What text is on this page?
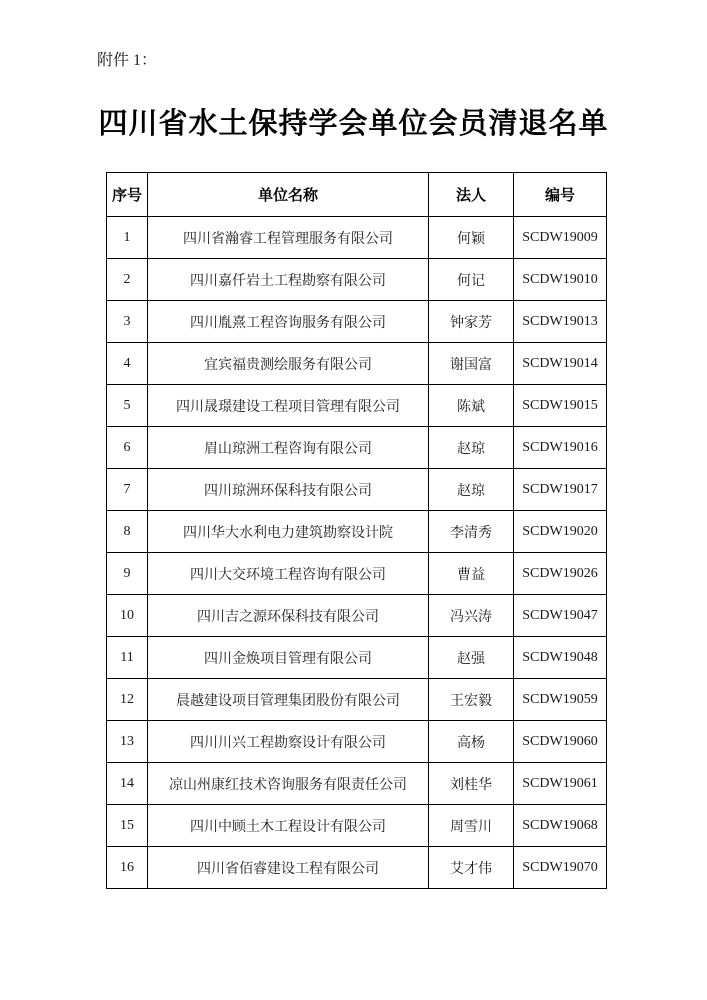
附件 1：
四川省水土保持学会单位会员清退名单
序号	单位名称	法人	编号
1	四川省瀚睿工程管理服务有限公司	何颖	SCDW19009
2	四川嘉仟岩土工程勘察有限公司	何记	SCDW19010
3	四川胤熹工程咨询服务有限公司	钟家芳	SCDW19013
4	宜宾福贵测绘服务有限公司	谢国富	SCDW19014
5	四川晟璟建设工程项目管理有限公司	陈斌	SCDW19015
6	眉山琼洲工程咨询有限公司	赵琼	SCDW19016
7	四川琼洲环保科技有限公司	赵琼	SCDW19017
8	四川华大水利电力建筑勘察设计院	李清秀	SCDW19020
9	四川大交环境工程咨询有限公司	曹益	SCDW19026
10	四川吉之源环保科技有限公司	冯兴涛	SCDW19047
11	四川金焕项目管理有限公司	赵强	SCDW19048
12	晨越建设项目管理集团股份有限公司	王宏毅	SCDW19059
13	四川川兴工程勘察设计有限公司	高杨	SCDW19060
14	凉山州康红技术咨询服务有限责任公司	刘桂华	SCDW19061
15	四川中顾土木工程设计有限公司	周雪川	SCDW19068
16	四川省佰睿建设工程有限公司	艾才伟	SCDW19070
